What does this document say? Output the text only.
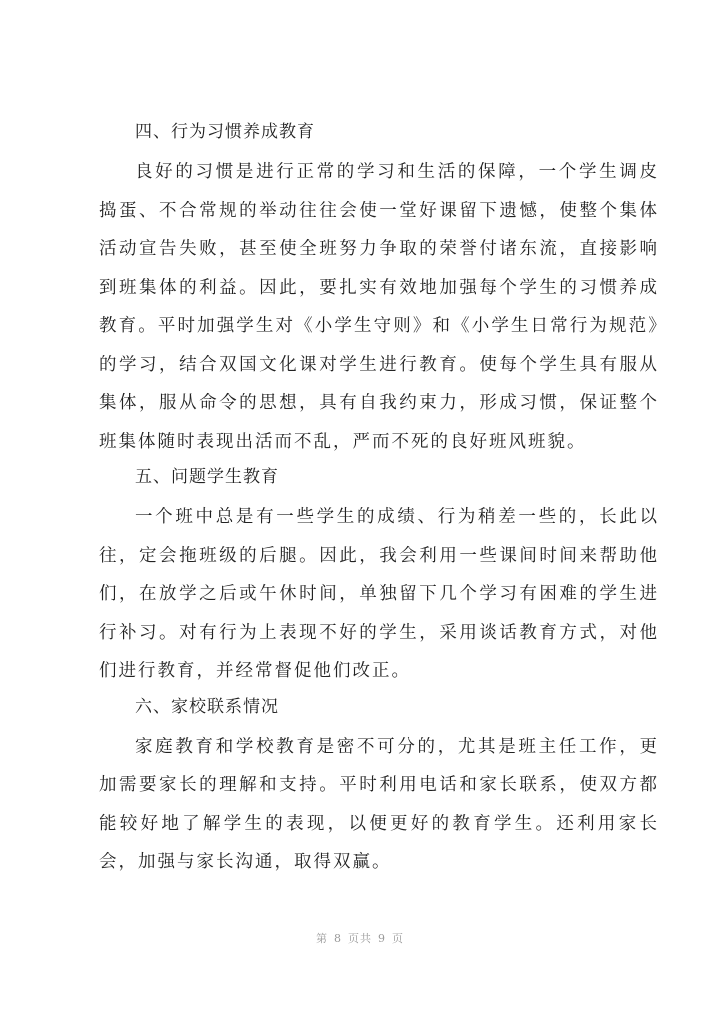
四、行为习惯养成教育

良好的习惯是进行正常的学习和生活的保障，一个学生调皮捣蛋、不合常规的举动往往会使一堂好课留下遗憾，使整个集体活动宣告失败，甚至使全班努力争取的荣誉付诸东流，直接影响到班集体的利益。因此，要扎实有效地加强每个学生的习惯养成教育。平时加强学生对《小学生守则》和《小学生日常行为规范》的学习，结合双国文化课对学生进行教育。使每个学生具有服从集体，服从命令的思想，具有自我约束力，形成习惯，保证整个班集体随时表现出活而不乱，严而不死的良好班风班貌。

五、问题学生教育

一个班中总是有一些学生的成绩、行为稍差一些的，长此以往，定会拖班级的后腿。因此，我会利用一些课间时间来帮助他们，在放学之后或午休时间，单独留下几个学习有困难的学生进行补习。对有行为上表现不好的学生，采用谈话教育方式，对他们进行教育，并经常督促他们改正。

六、家校联系情况

家庭教育和学校教育是密不可分的，尤其是班主任工作，更加需要家长的理解和支持。平时利用电话和家长联系，使双方都能较好地了解学生的表现，以便更好的教育学生。还利用家长会，加强与家长沟通，取得双赢。

第 8 页共 9 页
